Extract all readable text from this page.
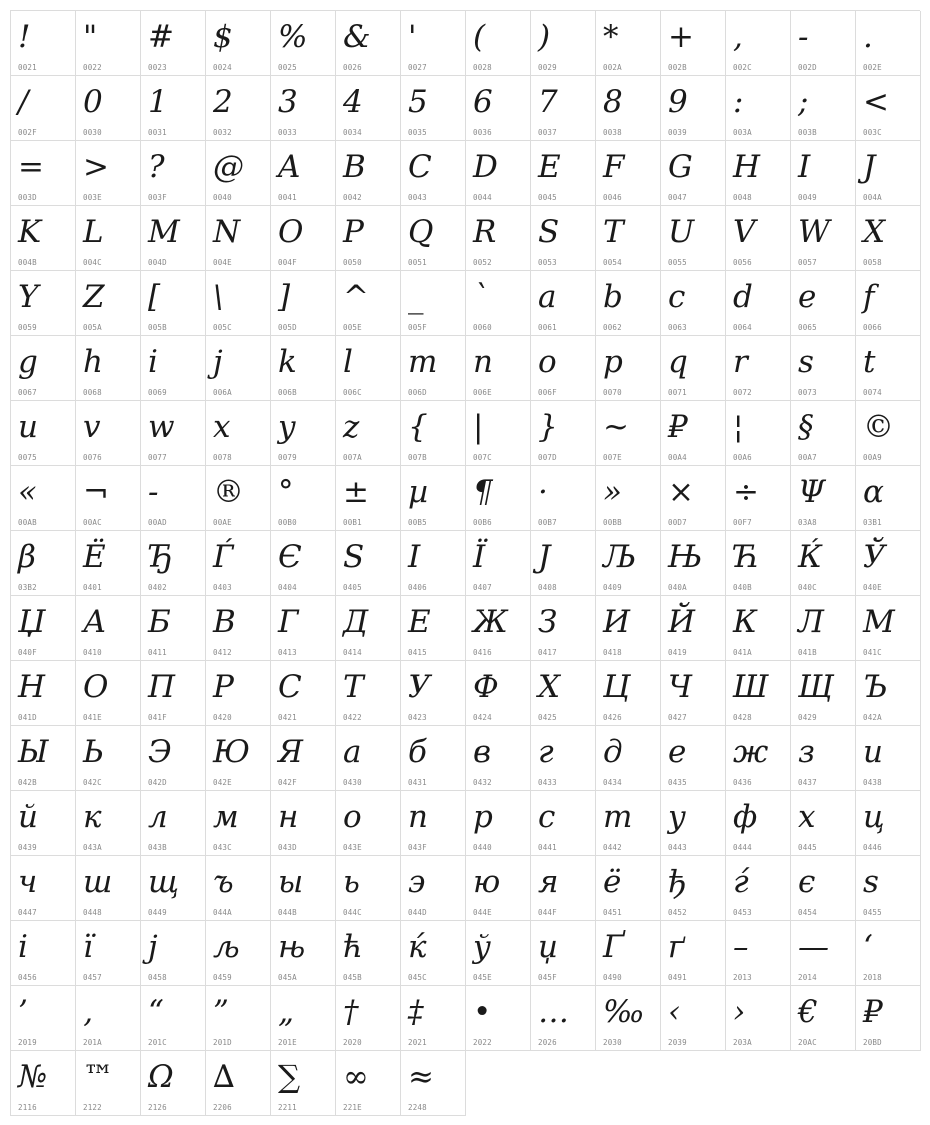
!
0021
"
0022
#
0023
$
0024
%
0025
&
0026
'
0027
(
0028
)
0029
*
002A
+
002B
,
002C
-
002D
.
002E
/
002F
0
0030
1
0031
2
0032
3
0033
4
0034
5
0035
6
0036
7
0037
8
0038
9
0039
:
003A
;
003B
<
003C
=
003D
>
003E
?
003F
@
0040
A
0041
B
0042
C
0043
D
0044
E
0045
F
0046
G
0047
H
0048
I
0049
J
004A
K
004B
L
004C
M
004D
N
004E
O
004F
P
0050
Q
0051
R
0052
S
0053
T
0054
U
0055
V
0056
W
0057
X
0058
Y
0059
Z
005A
[
005B
\
005C
]
005D
^
005E
_
005F
`
0060
a
0061
b
0062
c
0063
d
0064
e
0065
f
0066
g
0067
h
0068
i
0069
j
006A
k
006B
l
006C
m
006D
n
006E
o
006F
p
0070
q
0071
r
0072
s
0073
t
0074
u
0075
v
0076
w
0077
x
0078
y
0079
z
007A
{
007B
|
007C
}
007D
~
007E
₽
00A4
¦
00A6
§
00A7
©
00A9
«
00AB
¬
00AC
-
00AD
®
00AE
°
00B0
±
00B1
µ
00B5
¶
00B6
·
00B7
»
00BB
×
00D7
÷
00F7
Ψ
03A8
α
03B1
β
03B2
Ё
0401
Ђ
0402
Ѓ
0403
Є
0404
Ѕ
0405
І
0406
Ї
0407
Ј
0408
Љ
0409
Њ
040A
Ћ
040B
Ќ
040C
Ў
040E
Џ
040F
А
0410
Б
0411
В
0412
Г
0413
Д
0414
Е
0415
Ж
0416
З
0417
И
0418
Й
0419
К
041A
Л
041B
М
041C
Н
041D
О
041E
П
041F
Р
0420
С
0421
Т
0422
У
0423
Ф
0424
Х
0425
Ц
0426
Ч
0427
Ш
0428
Щ
0429
Ъ
042A
Ы
042B
Ь
042C
Э
042D
Ю
042E
Я
042F
а
0430
б
0431
в
0432
г
0433
д
0434
е
0435
ж
0436
з
0437
и
0438
й
0439
к
043A
л
043B
м
043C
н
043D
о
043E
п
043F
р
0440
с
0441
т
0442
у
0443
ф
0444
х
0445
ц
0446
ч
0447
ш
0448
щ
0449
ъ
044A
ы
044B
ь
044C
э
044D
ю
044E
я
044F
ё
0451
ђ
0452
ѓ
0453
є
0454
ѕ
0455
і
0456
ї
0457
ј
0458
љ
0459
њ
045A
ћ
045B
ќ
045C
ў
045E
џ
045F
Ґ
0490
ґ
0491
–
2013
—
2014
‘
2018
’
2019
‚
201A
“
201C
”
201D
„
201E
†
2020
‡
2021
•
2022
…
2026
‰
2030
‹
2039
›
203A
€
20AC
₽
20BD
№
2116
™
2122
Ω
2126
∆
2206
∑
2211
∞
221E
≈
2248
